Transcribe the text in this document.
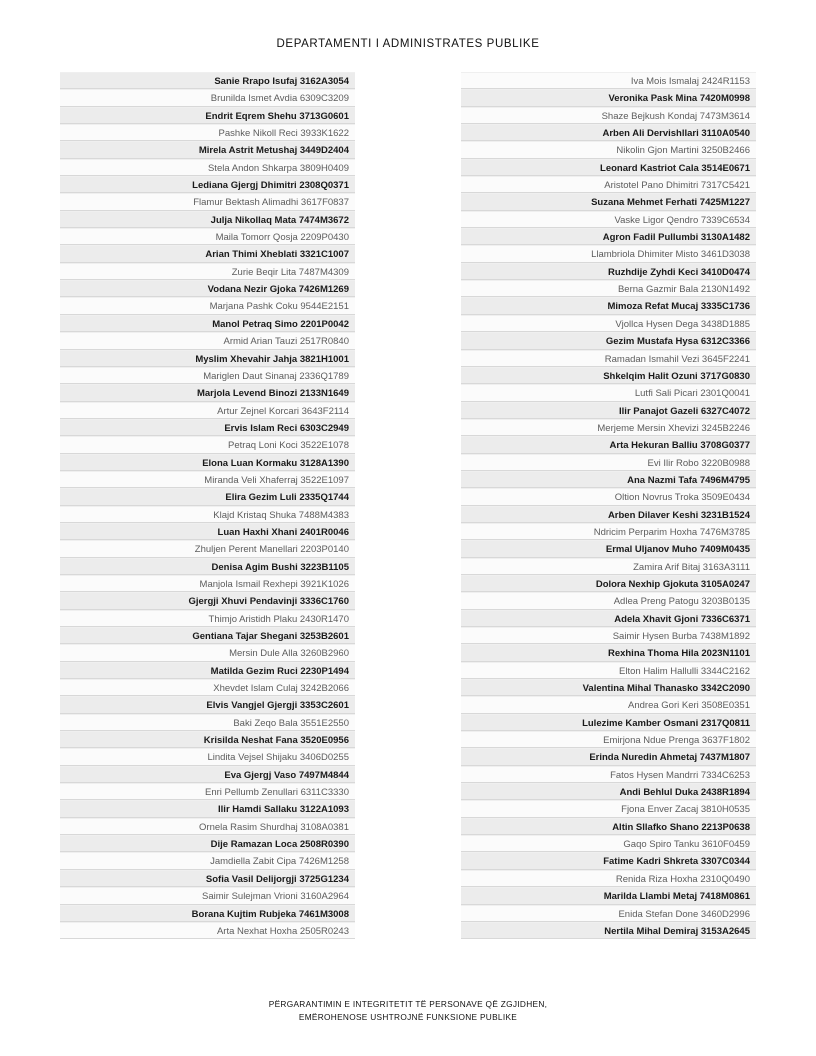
DEPARTAMENTI I ADMINISTRATES PUBLIKE
Sanie Rrapo Isufaj 3162A3054
Brunilda Ismet Avdia 6309C3209
Endrit Eqrem Shehu 3713G0601
Pashke Nikoll Reci 3933K1622
Mirela Astrit Metushaj 3449D2404
Stela Andon Shkarpa 3809H0409
Lediana Gjergj Dhimitri 2308Q0371
Flamur Bektash Alimadhi 3617F0837
Julja Nikollaq Mata 7474M3672
Maila Tomorr Qosja 2209P0430
Arian Thimi Xheblati 3321C1007
Zurie Beqir Lita 7487M4309
Vodana Nezir Gjoka 7426M1269
Marjana Pashk Coku 9544E2151
Manol Petraq Simo 2201P0042
Armid Arian Tauzi 2517R0840
Myslim Xhevahir Jahja 3821H1001
Mariglen Daut Sinanaj 2336Q1789
Marjola Levend Binozi 2133N1649
Artur Zejnel Korcari 3643F2114
Ervis Islam Reci 6303C2949
Petraq Loni Koci 3522E1078
Elona Luan Kormaku 3128A1390
Miranda Veli Xhaferraj 3522E1097
Elira Gezim Luli 2335Q1744
Klajd Kristaq Shuka 7488M4383
Luan Haxhi Xhani 2401R0046
Zhuljen Perent Manellari 2203P0140
Denisa Agim Bushi 3223B1105
Manjola Ismail Rexhepi 3921K1026
Gjergji Xhuvi Pendavinji 3336C1760
Thimjo Aristidh Plaku 2430R1470
Gentiana Tajar Shegani 3253B2601
Mersin Dule Alla 3260B2960
Matilda Gezim Ruci 2230P1494
Xhevdet Islam Culaj 3242B2066
Elvis Vangjel Gjergji 3353C2601
Baki Zeqo Bala 3551E2550
Krisilda Neshat Fana 3520E0956
Lindita Vejsel Shijaku 3406D0255
Eva Gjergj Vaso 7497M4844
Enri Pellumb Zenullari 6311C3330
Ilir Hamdi Sallaku 3122A1093
Ornela Rasim Shurdhaj 3108A0381
Dije Ramazan Loca 2508R0390
Jamdiella Zabit Cipa 7426M1258
Sofia Vasil Delijorgji 3725G1234
Saimir Sulejman Vrioni 3160A2964
Borana Kujtim Rubjeka 7461M3008
Arta Nexhat Hoxha 2505R0243
Iva Mois Ismalaj 2424R1153
Veronika Pask Mina 7420M0998
Shaze Bejkush Kondaj 7473M3614
Arben Ali Dervishllari 3110A0540
Nikolin Gjon Martini 3250B2466
Leonard Kastriot Cala 3514E0671
Aristotel Pano Dhimitri 7317C5421
Suzana Mehmet Ferhati 7425M1227
Vaske Ligor Qendro 7339C6534
Agron Fadil Pullumbi 3130A1482
Llambriola Dhimiter Misto 3461D3038
Ruzhdije Zyhdi Keci 3410D0474
Berna Gazmir Bala 2130N1492
Mimoza Refat Mucaj 3335C1736
Vjollca Hysen Dega 3438D1885
Gezim Mustafa Hysa 6312C3366
Ramadan Ismahil Vezi 3645F2241
Shkelqim Halit Ozuni 3717G0830
Lutfi Sali Picari 2301Q0041
Ilir Panajot Gazeli 6327C4072
Merjeme Mersin Xhevizi 3245B2246
Arta Hekuran Balliu 3708G0377
Evi Ilir Robo 3220B0988
Ana Nazmi Tafa 7496M4795
Oltion Novrus Troka 3509E0434
Arben Dilaver Keshi 3231B1524
Ndricim Perparim Hoxha 7476M3785
Ermal Uljanov Muho 7409M0435
Zamira Arif Bitaj 3163A3111
Dolora Nexhip Gjokuta 3105A0247
Adlea Preng Patogu 3203B0135
Adela Xhavit Gjoni 7336C6371
Saimir Hysen Burba 7438M1892
Rexhina Thoma Hila 2023N1101
Elton Halim Hallulli 3344C2162
Valentina Mihal Thanasko 3342C2090
Andrea Gori Keri 3508E0351
Lulezime Kamber Osmani 2317Q0811
Emirjona Ndue Prenga 3637F1802
Erinda Nuredin Ahmetaj 7437M1807
Fatos Hysen Mandrri 7334C6253
Andi Behlul Duka 2438R1894
Fjona Enver Zacaj 3810H0535
Altin Sllafko Shano 2213P0638
Gaqo Spiro Tanku 3610F0459
Fatime Kadri Shkreta 3307C0344
Renida Riza Hoxha 2310Q0490
Marilda Llambi Metaj 7418M0861
Enida Stefan Done 3460D2996
Nertila Mihal Demiraj 3153A2645
PËRGARANTIMIN E INTEGRITETIT TË PERSONAVE QË ZGJIDHEN,
EMËROHENOSE USHTROJNË FUNKSIONE PUBLIKE
